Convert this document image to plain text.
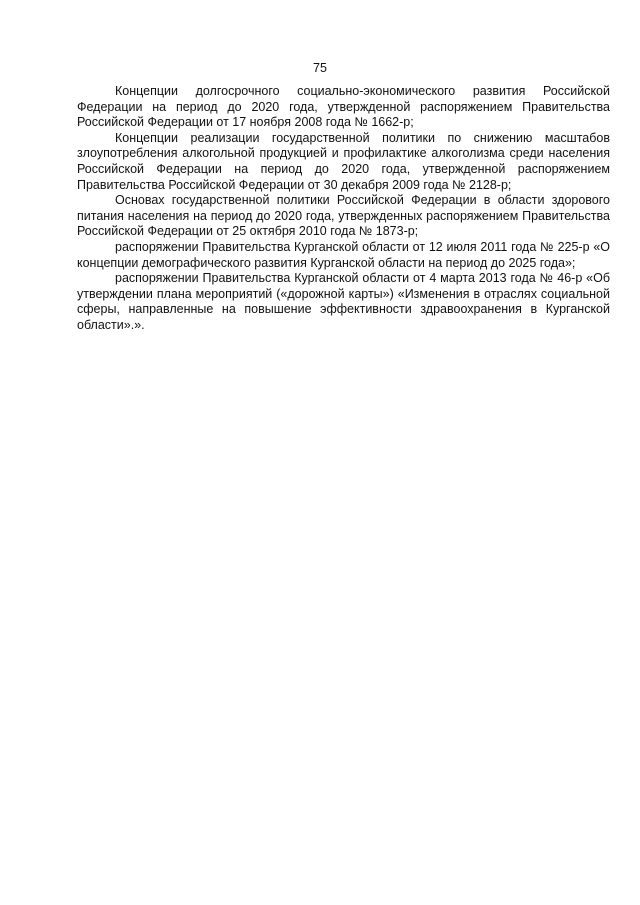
75

Концепции долгосрочного социально-экономического развития Российской Федерации на период до 2020 года, утвержденной распоряжением Правительства Российской Федерации от 17 ноября 2008 года № 1662-р;

Концепции реализации государственной политики по снижению масштабов злоупотребления алкогольной продукцией и профилактике алкоголизма среди населения Российской Федерации на период до 2020 года, утвержденной распоряжением Правительства Российской Федерации от 30 декабря 2009 года № 2128-р;

Основах государственной политики Российской Федерации в области здорового питания населения на период до 2020 года, утвержденных распоряжением Правительства Российской Федерации от 25 октября 2010 года № 1873-р;

распоряжении Правительства Курганской области от 12 июля 2011 года № 225-р «О концепции демографического развития Курганской области на период до 2025 года»;

распоряжении Правительства Курганской области от 4 марта 2013 года № 46-р «Об утверждении плана мероприятий («дорожной карты») «Изменения в отраслях социальной сферы, направленные на повышение эффективности здравоохранения в Курганской области».».
